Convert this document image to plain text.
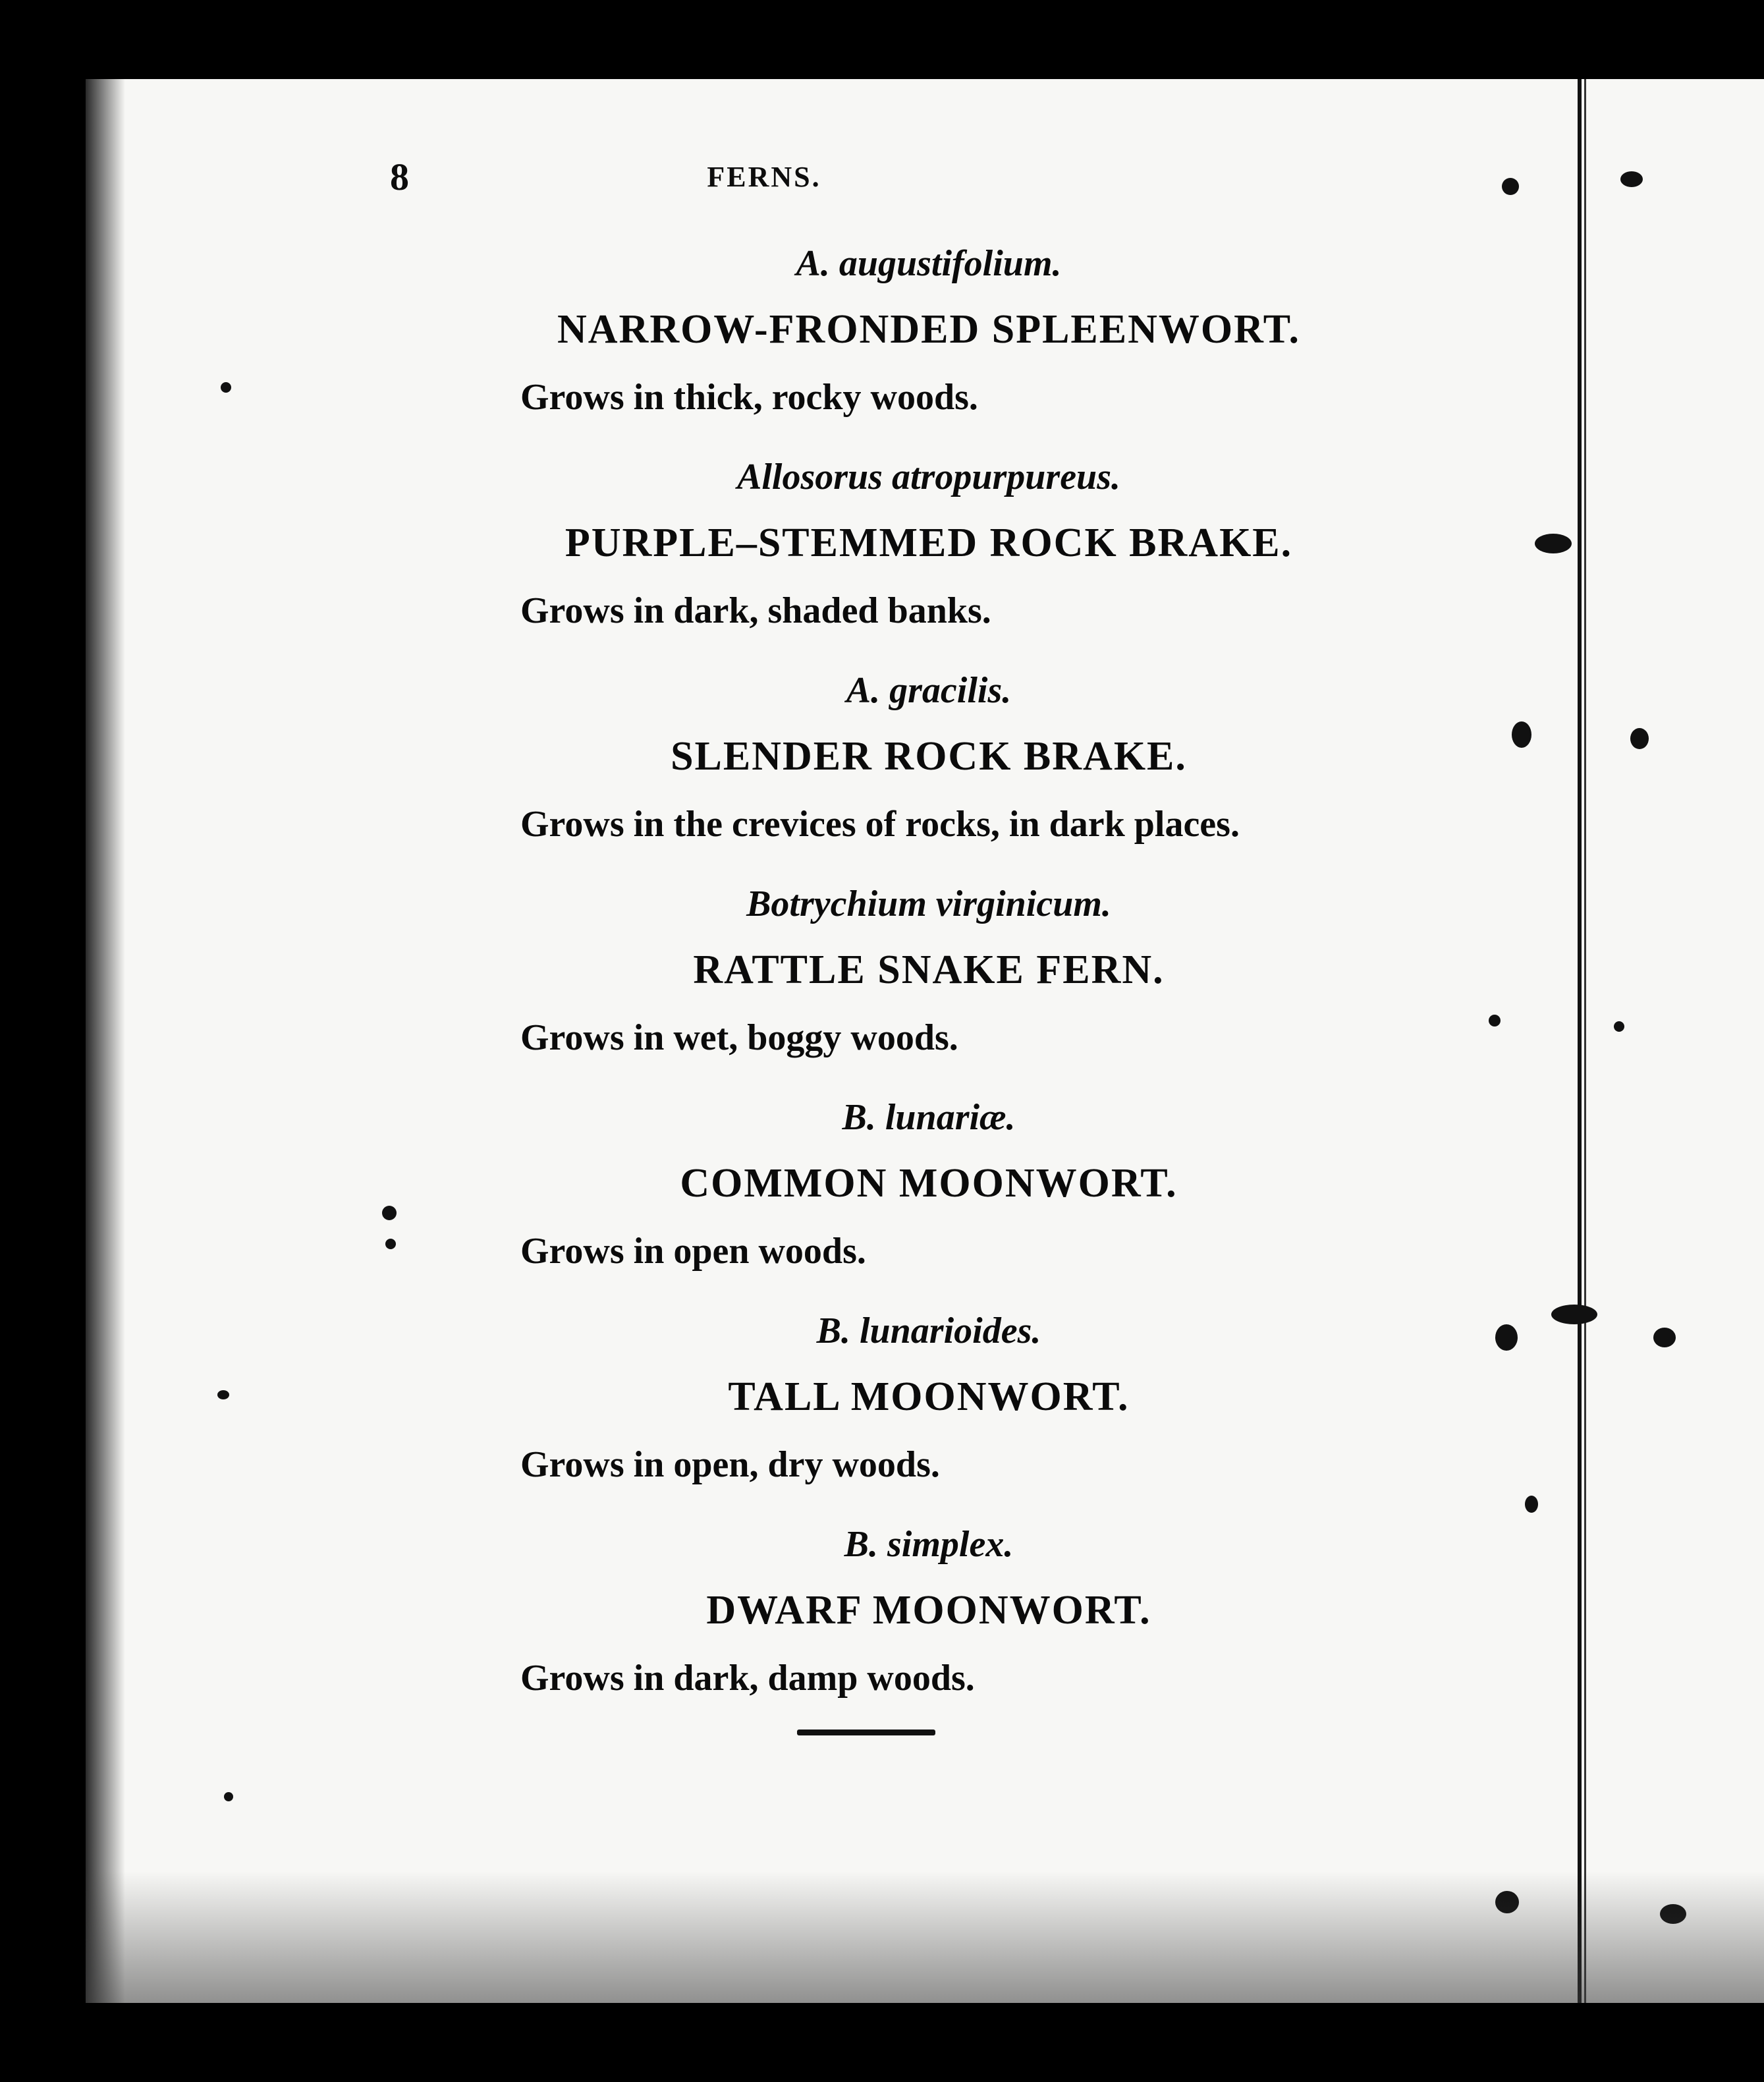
8	FERNS.
A. augustifolium.
NARROW-FRONDED SPLEENWORT.
Grows in thick, rocky woods.
Allosorus atropurpureus.
PURPLE–STEMMED ROCK BRAKE.
Grows in dark, shaded banks.
A. gracilis.
SLENDER ROCK BRAKE.
Grows in the crevices of rocks, in dark places.
Botrychium virginicum.
RATTLE SNAKE FERN.
Grows in wet, boggy woods.
B. lunariæ.
COMMON MOONWORT.
Grows in open woods.
B. lunarioides.
TALL MOONWORT.
Grows in open, dry woods.
B. simplex.
DWARF MOONWORT.
Grows in dark, damp woods.
